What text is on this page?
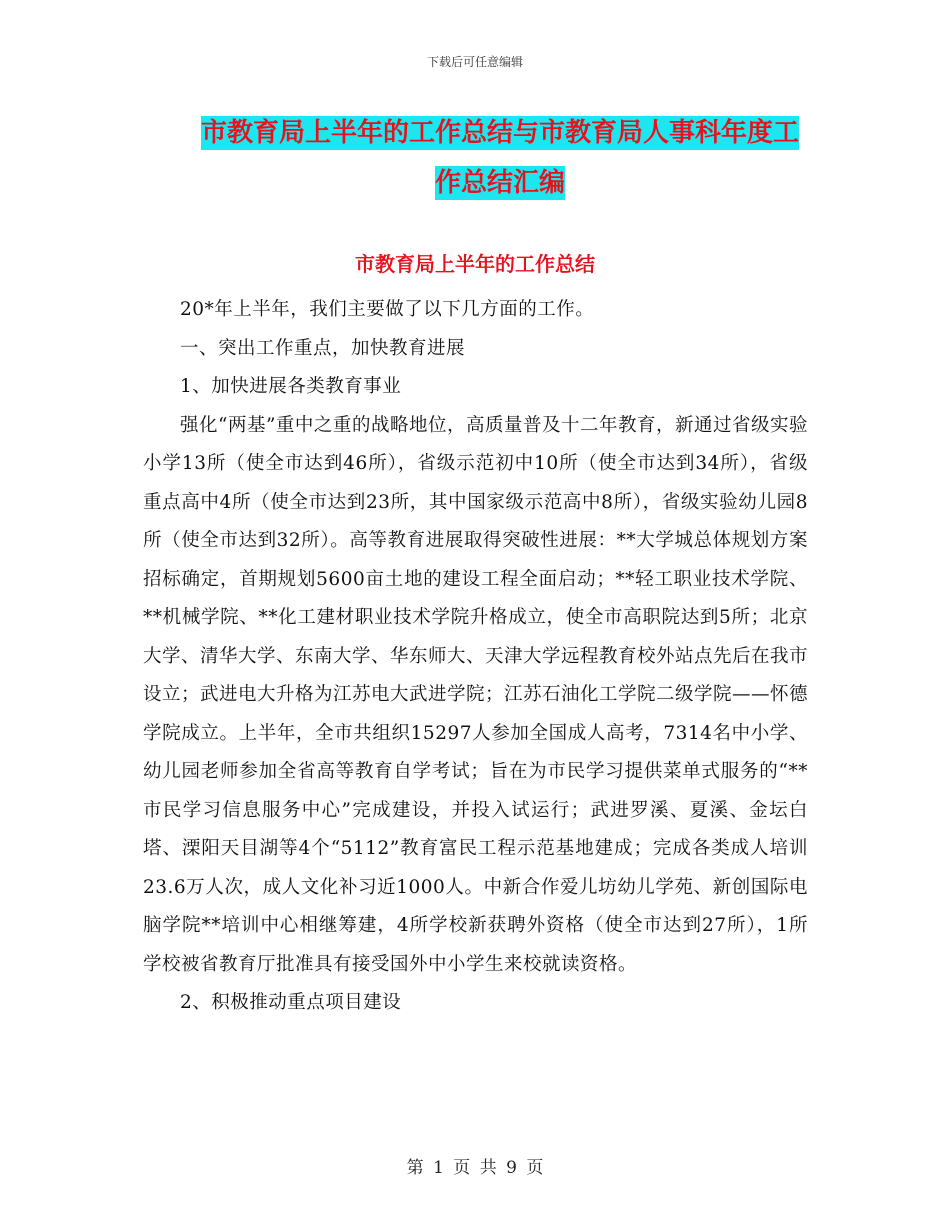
下载后可任意编辑
市教育局上半年的工作总结与市教育局人事科年度工
作总结汇编
市教育局上半年的工作总结

20*年上半年，我们主要做了以下几方面的工作。

一、突出工作重点，加快教育进展

1、加快进展各类教育事业

强化“两基”重中之重的战略地位，高质量普及十二年教育，新通过省级实验小学13所（使全市达到46所），省级示范初中10所（使全市达到34所），省级重点高中4所（使全市达到23所，其中国家级示范高中8所），省级实验幼儿园8所（使全市达到32所）。高等教育进展取得突破性进展：**大学城总体规划方案招标确定，首期规划5600亩土地的建设工程全面启动；**轻工职业技术学院、**机械学院、**化工建材职业技术学院升格成立，使全市高职院达到5所；北京大学、清华大学、东南大学、华东师大、天津大学远程教育校外站点先后在我市设立；武进电大升格为江苏电大武进学院；江苏石油化工学院二级学院——怀德学院成立。上半年，全市共组织15297人参加全国成人高考，7314名中小学、幼儿园老师参加全省高等教育自学考试；旨在为市民学习提供菜单式服务的“**市民学习信息服务中心”完成建设，并投入试运行；武进罗溪、夏溪、金坛白塔、溧阳天目湖等4个“5112”教育富民工程示范基地建成；完成各类成人培训23.6万人次，成人文化补习近1000人。中新合作爱儿坊幼儿学苑、新创国际电脑学院**培训中心相继筹建，4所学校新获聘外资格（使全市达到27所），1所学校被省教育厅批准具有接受国外中小学生来校就读资格。

2、积极推动重点项目建设

第 1 页 共 9 页
